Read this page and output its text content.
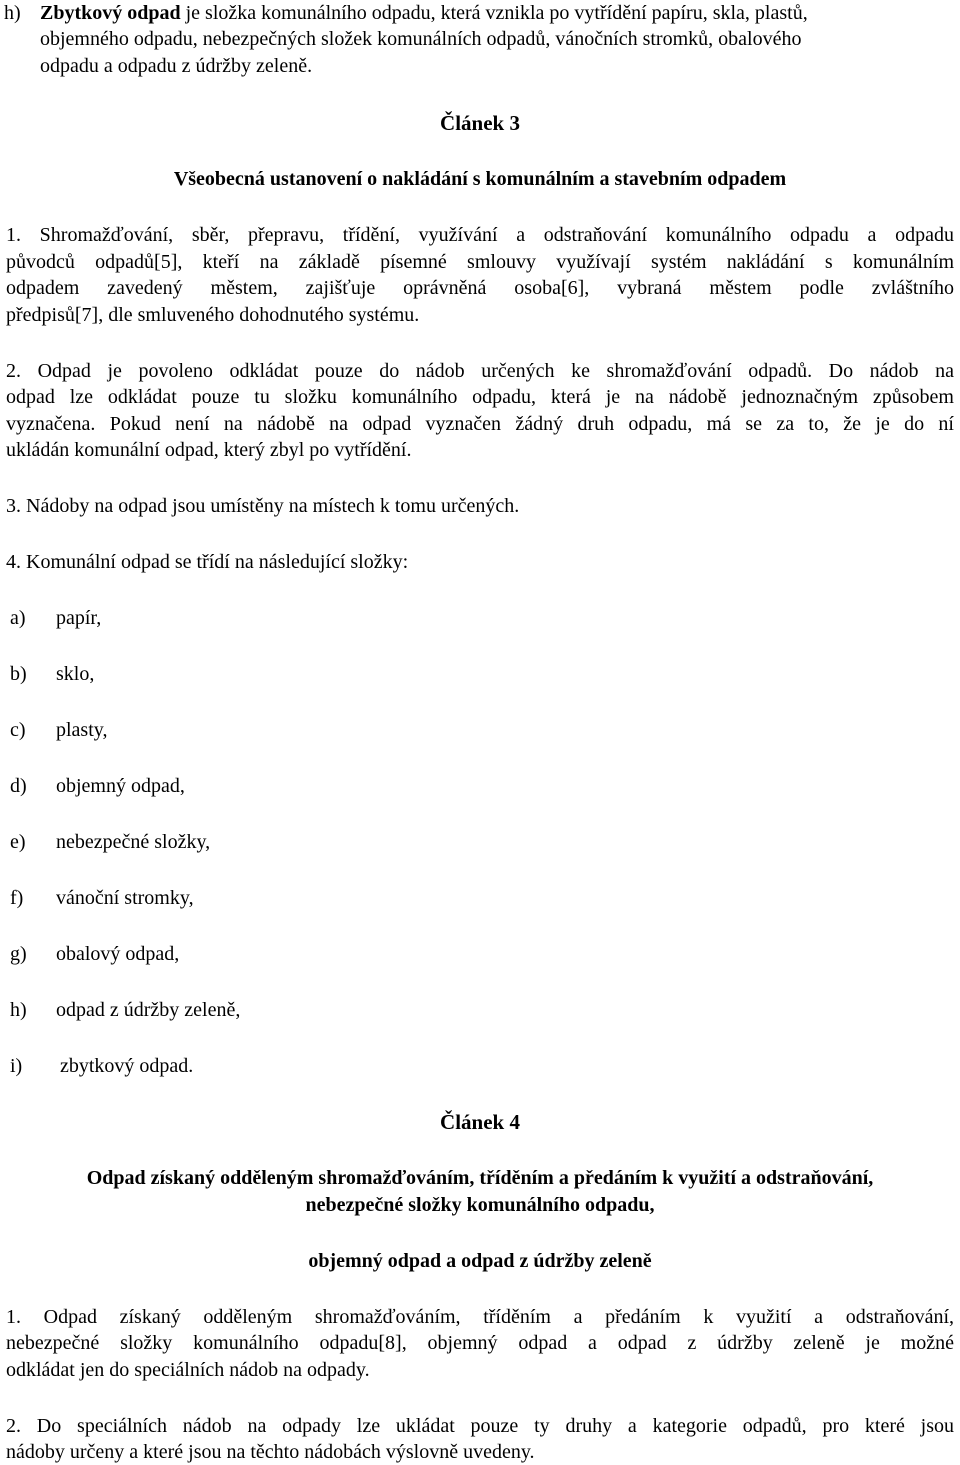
h) Zbytkový odpad je složka komunálního odpadu, která vznikla po vytřídění papíru, skla, plastů,
objemného odpadu, nebezpečných složek komunálních odpadů, vánočních stromků, obalového
odpadu a odpadu z údržby zeleně.
Článek 3
Všeobecná ustanovení o nakládání s komunálním a stavebním odpadem
1. Shromažďování, sběr, přepravu, třídění, využívání a odstraňování komunálního odpadu a odpadu
původců odpadů[5], kteří na základě písemné smlouvy využívají systém nakládání s komunálním
odpadem zavedený městem, zajišťuje oprávněná osoba[6], vybraná městem podle zvláštního
předpisů[7], dle smluveného dohodnutého systému.
2. Odpad je povoleno odkládat pouze do nádob určených ke shromažďování odpadů. Do nádob na
odpad lze odkládat pouze tu složku komunálního odpadu, která je na nádobě jednoznačným způsobem
vyznačena. Pokud není na nádobě na odpad vyznačen žádný druh odpadu, má se za to, že je do ní
ukládán komunální odpad, který zbyl po vytřídění.
3. Nádoby na odpad jsou umístěny na místech k tomu určených.
4. Komunální odpad se třídí na následující složky:
a) papír,
b) sklo,
c) plasty,
d) objemný odpad,
e) nebezpečné složky,
f) vánoční stromky,
g) obalový odpad,
h) odpad z údržby zeleně,
i) zbytkový odpad.
Článek 4
Odpad získaný odděleným shromažďováním, tříděním a předáním k využití a odstraňování,
nebezpečné složky komunálního odpadu,
objemný odpad a odpad z údržby zeleně
1. Odpad získaný odděleným shromažďováním, tříděním a předáním k využití a odstraňování,
nebezpečné složky komunálního odpadu[8], objemný odpad a odpad z údržby zeleně je možné
odkládat jen do speciálních nádob na odpady.
2. Do speciálních nádob na odpady lze ukládat pouze ty druhy a kategorie odpadů, pro které jsou
nádoby určeny a které jsou na těchto nádobách výslovně uvedeny.
